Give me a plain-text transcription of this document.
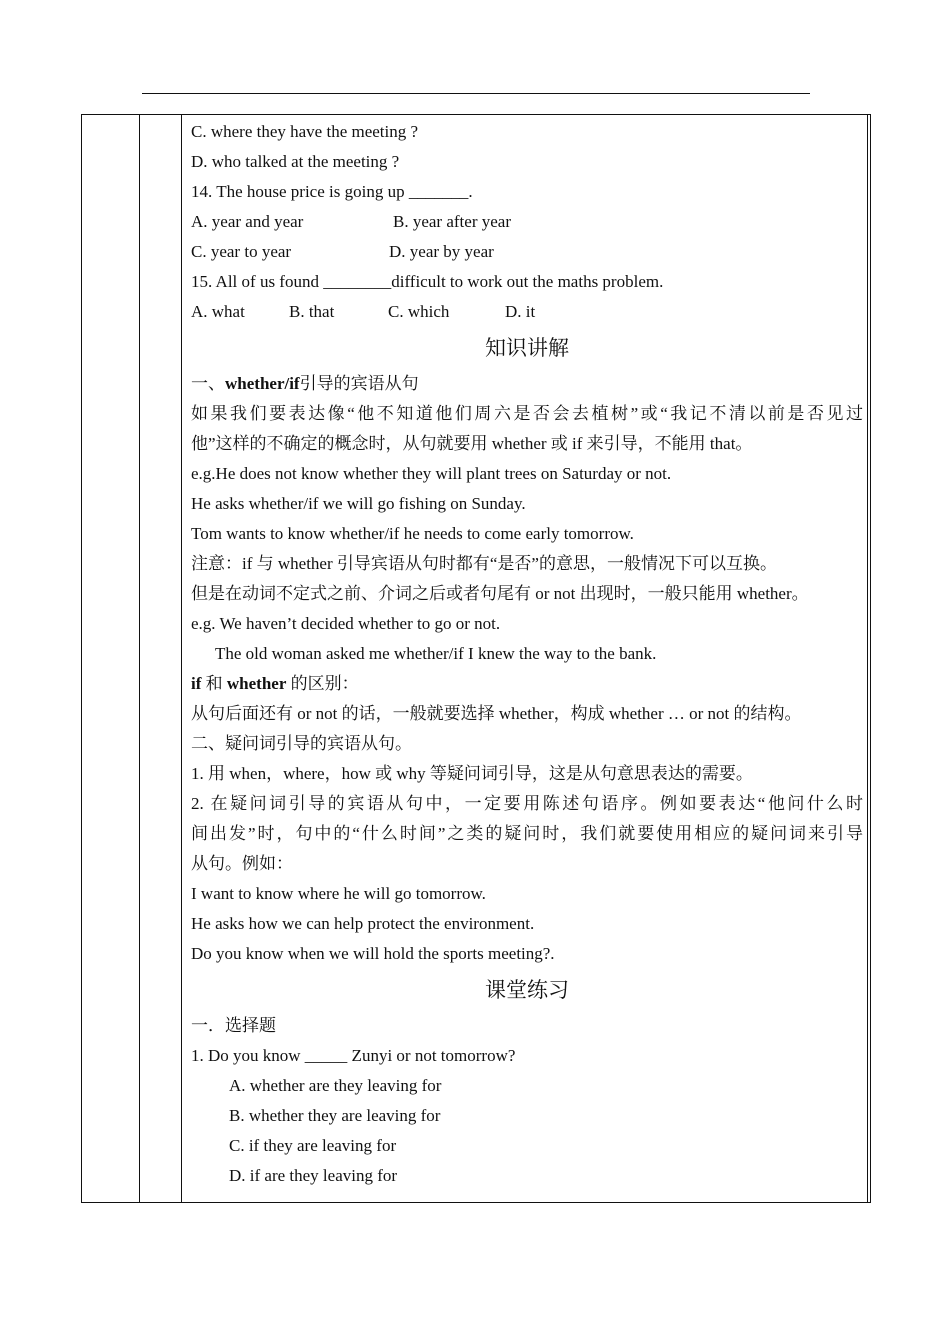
C. where they have the meeting ?
D. who talked at the meeting ?
14. The house price is going up _______.
A. year and year	B. year after year
C. year to year	D. year by year
15. All of us found ________difficult to work out the maths problem.
A. what	B. that	C. which	D. it
知识讲解
一、whether/if引导的宾语从句
如果我们要表达像“他不知道他们周六是否会去植树”或“我记不清以前是否见过
他”这样的不确定的概念时，从句就要用 whether 或 if 来引导，不能用 that。
e.g.He does not know whether they will plant trees on Saturday or not.
He asks whether/if we will go fishing on Sunday.
Tom wants to know whether/if he needs to come early tomorrow.
注意：if 与 whether 引导宾语从句时都有“是否”的意思，一般情况下可以互换。
但是在动词不定式之前、介词之后或者句尾有 or not 出现时，一般只能用 whether。
e.g. We haven’t decided whether to go or not.
The old woman asked me whether/if I knew the way to the bank.
if 和 whether 的区别：
从句后面还有 or not 的话，一般就要选择 whether，构成 whether … or not 的结构。
二、疑问词引导的宾语从句。
1. 用 when，where，how 或 why 等疑问词引导，这是从句意思表达的需要。
2. 在疑问词引导的宾语从句中，一定要用陈述句语序。例如要表达“他问什么时
间出发”时，句中的“什么时间”之类的疑问时，我们就要使用相应的疑问词来引导
从句。例如：
I want to know where he will go tomorrow.
He asks how we can help protect the environment.
Do you know when we will hold the sports meeting?.
课堂练习
一．选择题
1. Do you know _____ Zunyi or not tomorrow?
A. whether are they leaving for
B. whether they are leaving for
C. if they are leaving for
D. if are they leaving for
